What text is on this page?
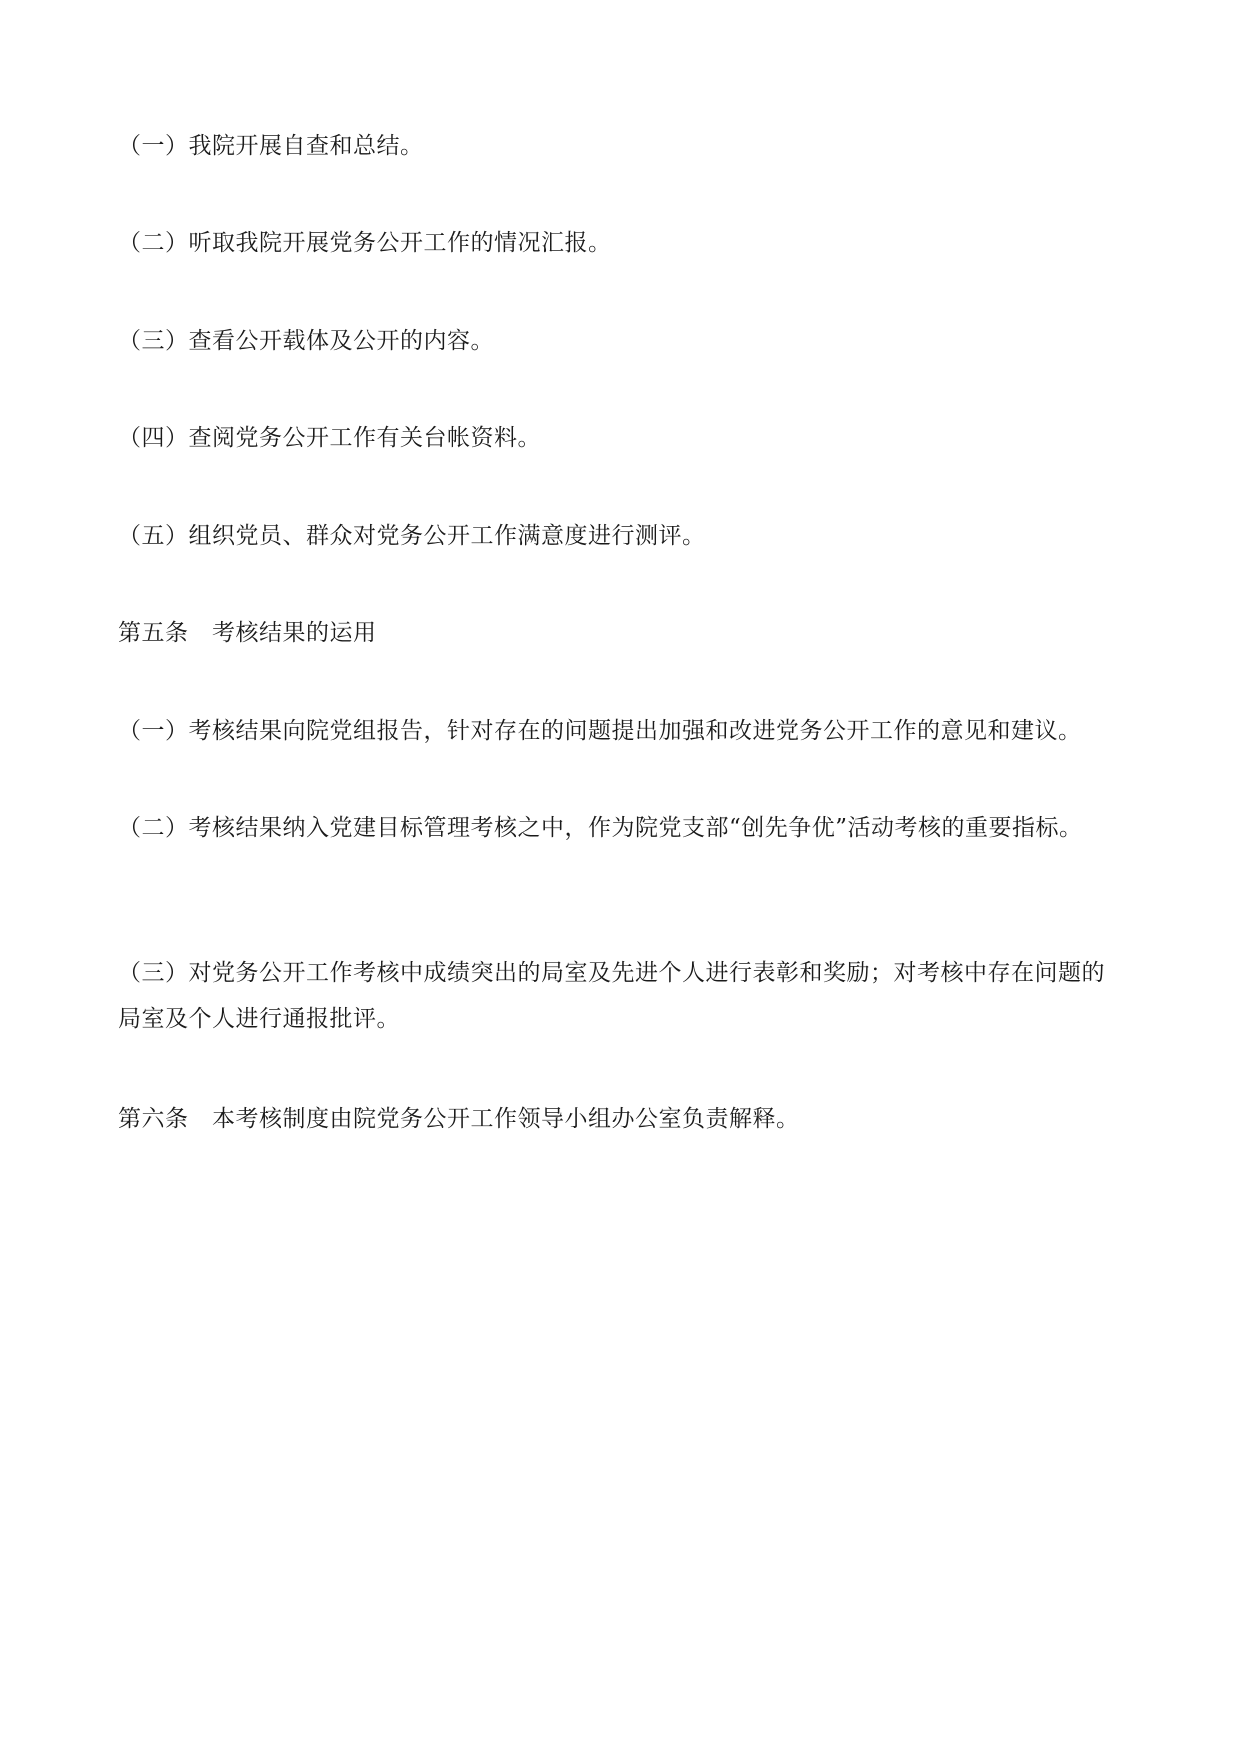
（一）我院开展自查和总结。
（二）听取我院开展党务公开工作的情况汇报。
（三）查看公开载体及公开的内容。
（四）查阅党务公开工作有关台帐资料。
（五）组织党员、群众对党务公开工作满意度进行测评。
第五条　考核结果的运用
（一）考核结果向院党组报告，针对存在的问题提出加强和改进党务公开工作的意见和建议。
（二）考核结果纳入党建目标管理考核之中，作为院党支部“创先争优”活动考核的重要指标。
（三）对党务公开工作考核中成绩突出的局室及先进个人进行表彰和奖励；对考核中存在问题的局室及个人进行通报批评。
第六条　本考核制度由院党务公开工作领导小组办公室负责解释。
